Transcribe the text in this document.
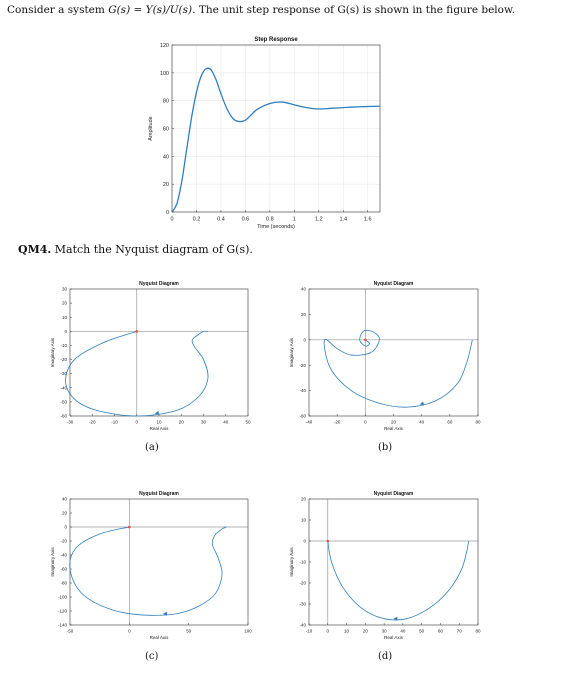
Consider a system G(s) = Y(s)/U(s). The unit step response of G(s) is shown in the figure below.
0	0.2	0.4	0.6	0.8	1	1.2	1.4	1.6
0
20
40
60
80
100
120
Step Response
Time (seconds)
Amplitude
QM4. Match the Nyquist diagram of G(s).
-30	-20	-10	0	10	20	30	40	50
-60
-50
-40
-30
-20
-10
0
10
20
30
Nyquist Diagram
Real Axis
Imaginary Axis
-40	-20	0	20	40	60	80
-60
-40
-20
0
20
40
Nyquist Diagram
Real Axis
Imaginary Axis
-50	0	50	100
-140
-120
-100
-80
-60
-40
-20
0
20
40
Nyquist Diagram
Real Axis
Imaginary Axis
-10	0	10	20	30	40	50	60	70	80
-40
-30
-20
-10
0
10
20
Nyquist Diagram
Real Axis
Imaginary Axis
(a)	(b)
(c)	(d)
